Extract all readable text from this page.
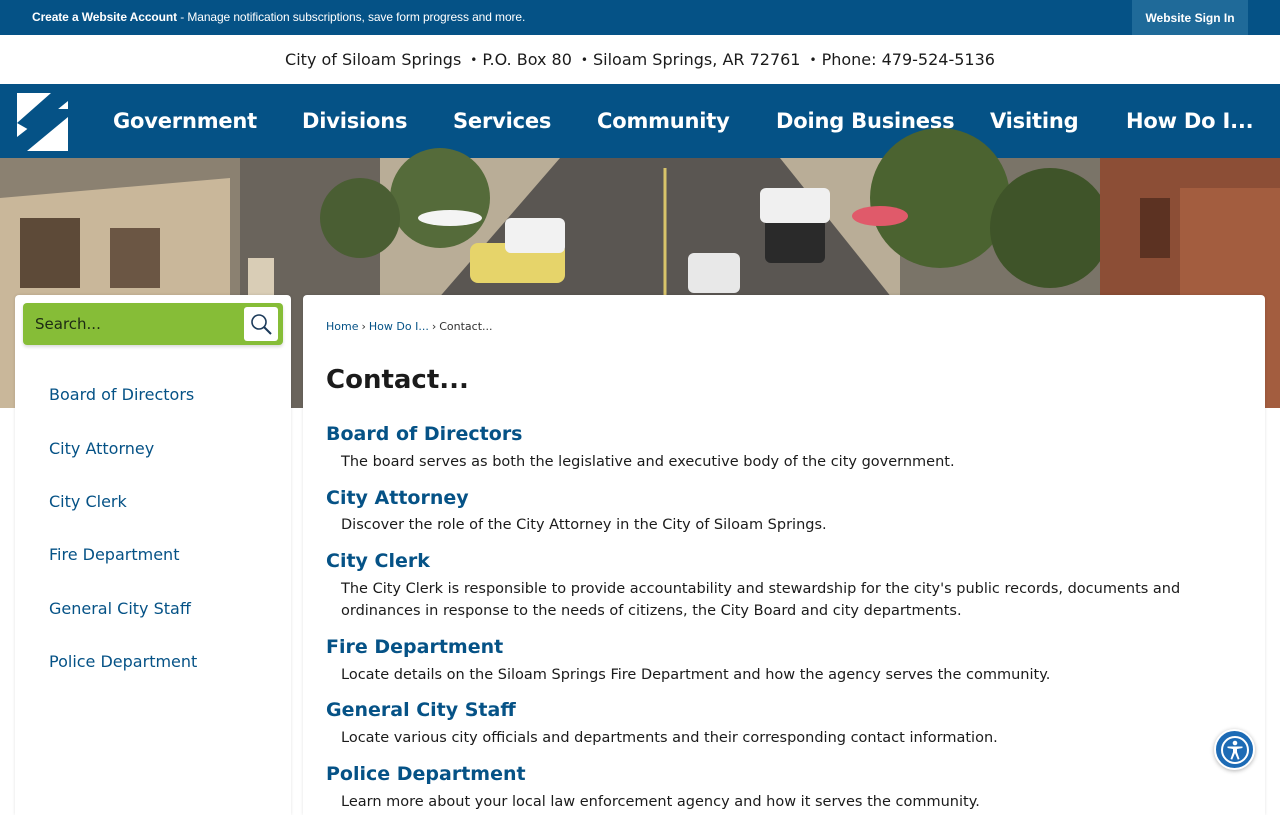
Create a Website Account - Manage notification subscriptions, save form progress and more.	Website Sign In
City of Siloam Springs • P.O. Box 80 • Siloam Springs, AR 72761 • Phone: 479-524-5136
Government Divisions Services Community Doing Business Visiting How Do I...
Search...
Board of Directors
City Attorney
City Clerk
Fire Department
General City Staff
Police Department
Home › How Do I... › Contact...
Contact...
Board of Directors
The board serves as both the legislative and executive body of the city government.
City Attorney
Discover the role of the City Attorney in the City of Siloam Springs.
City Clerk
The City Clerk is responsible to provide accountability and stewardship for the city's public records, documents and ordinances in response to the needs of citizens, the City Board and city departments.
Fire Department
Locate details on the Siloam Springs Fire Department and how the agency serves the community.
General City Staff
Locate various city officials and departments and their corresponding contact information.
Police Department
Learn more about your local law enforcement agency and how it serves the community.
